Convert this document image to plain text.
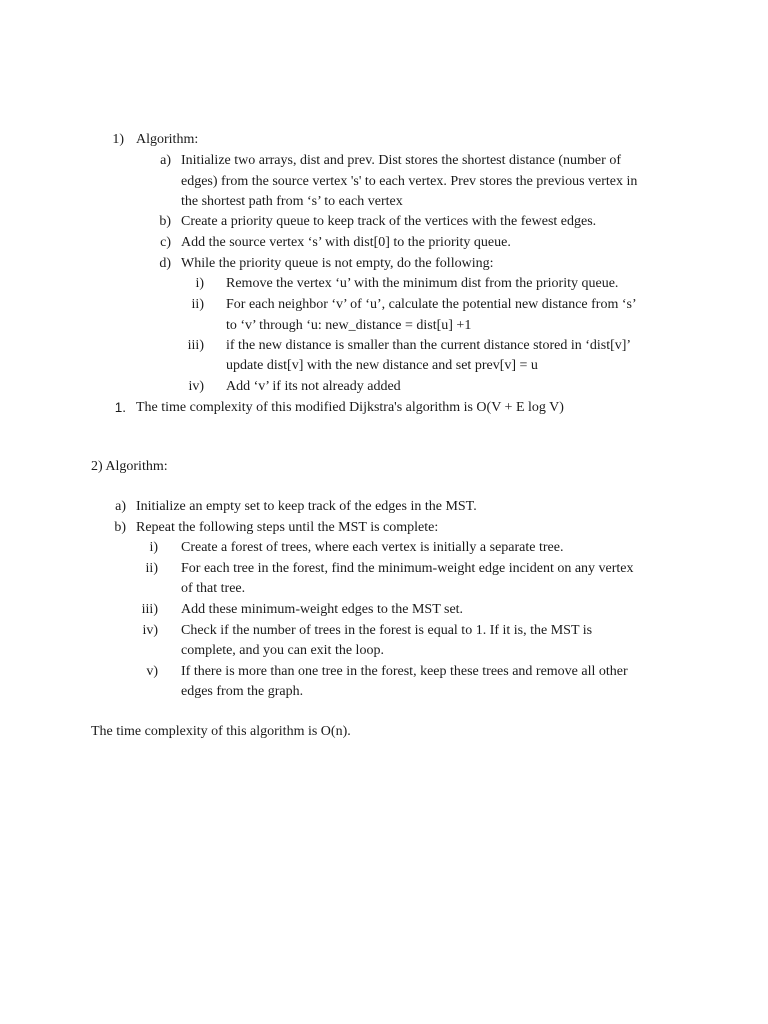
1) Algorithm:
a) Initialize two arrays, dist and prev. Dist stores the shortest distance (number of
edges) from the source vertex 's' to each vertex. Prev stores the previous vertex in
the shortest path from ‘s’ to each vertex
b) Create a priority queue to keep track of the vertices with the fewest edges.
c) Add the source vertex ‘s’ with dist[0] to the priority queue.
d) While the priority queue is not empty, do the following:
i) Remove the vertex ‘u’ with the minimum dist from the priority queue.
ii) For each neighbor ‘v’ of ‘u’, calculate the potential new distance from ‘s’
to ‘v’ through ‘u: new_distance = dist[u] +1
iii) if the new distance is smaller than the current distance stored in ‘dist[v]’
update dist[v] with the new distance and set prev[v] = u
iv) Add ‘v’ if its not already added
1. The time complexity of this modified Dijkstra's algorithm is O(V + E log V)
2) Algorithm:
a) Initialize an empty set to keep track of the edges in the MST.
b) Repeat the following steps until the MST is complete:
i) Create a forest of trees, where each vertex is initially a separate tree.
ii) For each tree in the forest, find the minimum-weight edge incident on any vertex
of that tree.
iii) Add these minimum-weight edges to the MST set.
iv) Check if the number of trees in the forest is equal to 1. If it is, the MST is
complete, and you can exit the loop.
v) If there is more than one tree in the forest, keep these trees and remove all other
edges from the graph.
The time complexity of this algorithm is O(n).
